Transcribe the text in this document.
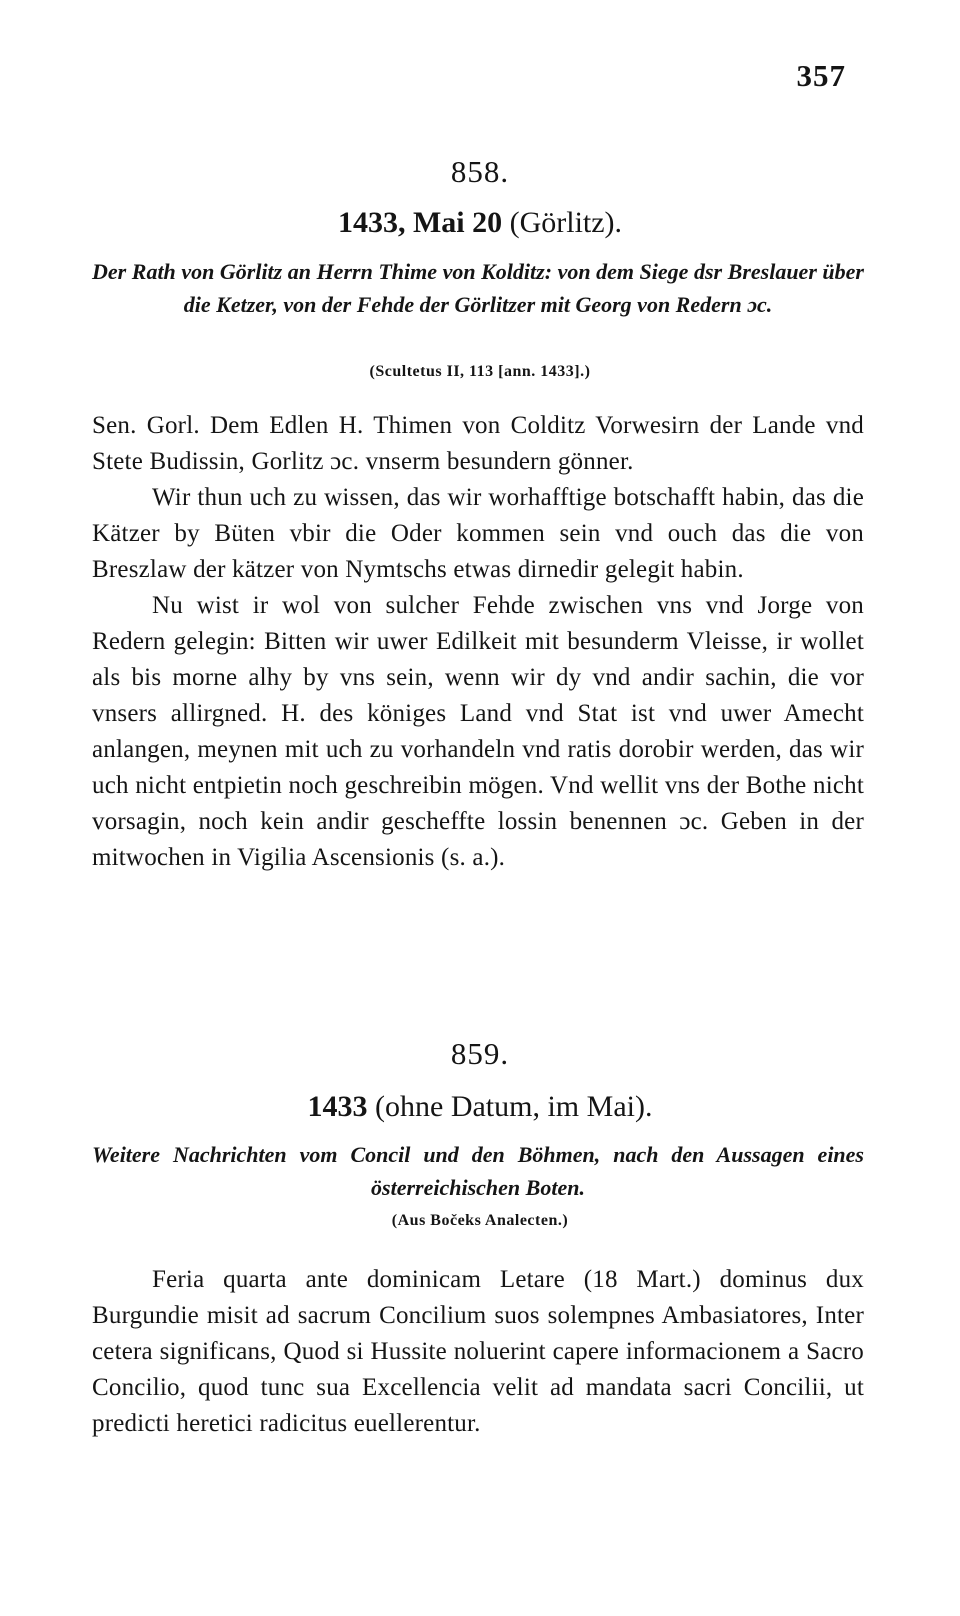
357
858.
1433, Mai 20 (Görlitz).
Der Rath von Görlitz an Herrn Thime von Kolditz: von dem Siege dsr Breslauer über die Ketzer, von der Fehde der Görlitzer mit Georg von Redern ɔc.
(Scultetus II, 113 [ann. 1433].)

Sen. Gorl. Dem Edlen H. Thimen von Colditz Vorwesirn der Lande vnd Stete Budissin, Gorlitz ɔc. vnserm besundern gönner.

Wir thun uch zu wissen, das wir worhafftige botschafft habin, das die Kätzer by Büten vbir die Oder kommen sein vnd ouch das die von Breszlaw der kätzer von Nymtschs etwas dirnedir gelegit habin.

Nu wist ir wol von sulcher Fehde zwischen vns vnd Jorge von Redern gelegin: Bitten wir uwer Edilkeit mit besunderm Vleisse, ir wollet als bis morne alhy by vns sein, wenn wir dy vnd andir sachin, die vor vnsers allirgned. H. des königes Land vnd Stat ist vnd uwer Amecht anlangen, meynen mit uch zu vorhandeln vnd ratis dorobir werden, das wir uch nicht entpietin noch geschreibin mögen. Vnd wellit vns der Bothe nicht vorsagin, noch kein andir gescheffte lossin benennen ɔc. Geben in der mitwochen in Vigilia Ascensionis (s. a.).

859.
1433 (ohne Datum, im Mai).
Weitere Nachrichten vom Concil und den Böhmen, nach den Aussagen eines österreichischen Boten.
(Aus Bočeks Analecten.)

Feria quarta ante dominicam Letare (18 Mart.) dominus dux Burgundie misit ad sacrum Concilium suos solempnes Ambasiatores, Inter cetera significans, Quod si Hussite noluerint capere informacionem a Sacro Concilio, quod tunc sua Excellencia velit ad mandata sacri Concilii, ut predicti heretici radicitus euellerentur.
